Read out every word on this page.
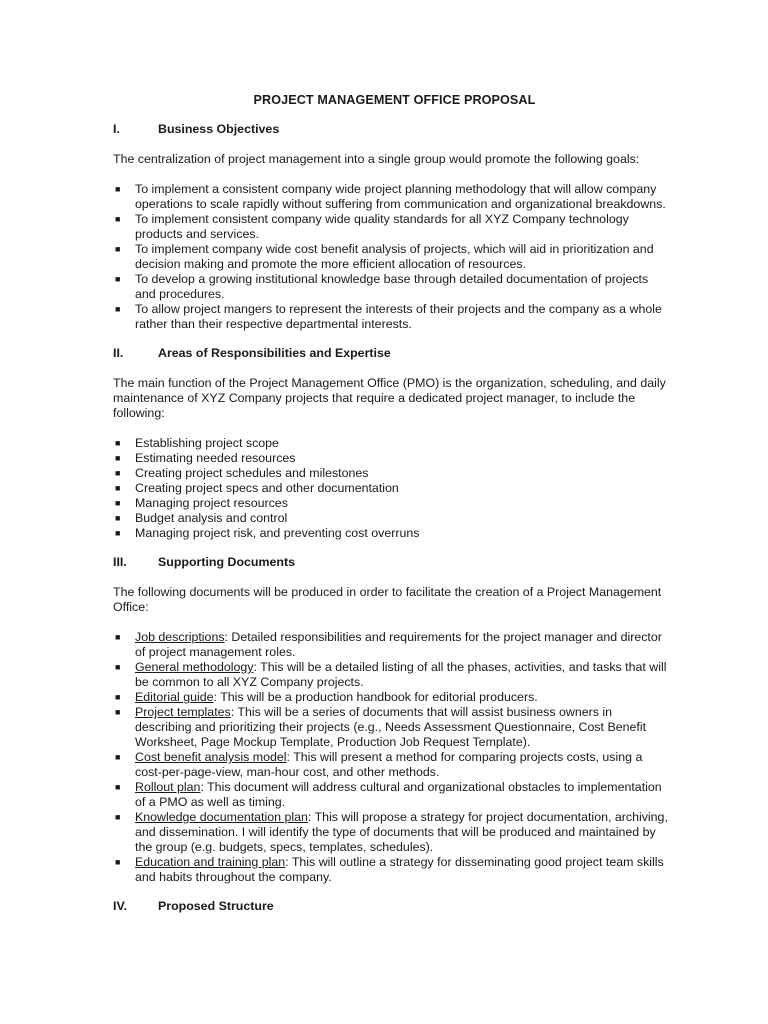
PROJECT MANAGEMENT OFFICE PROPOSAL
I.	Business Objectives

The centralization of project management into a single group would promote the following goals:

■ To implement a consistent company wide project planning methodology that will allow company operations to scale rapidly without suffering from communication and organizational breakdowns.
■ To implement consistent company wide quality standards for all XYZ Company technology products and services.
■ To implement company wide cost benefit analysis of projects, which will aid in prioritization and decision making and promote the more efficient allocation of resources.
■ To develop a growing institutional knowledge base through detailed documentation of projects and procedures.
■ To allow project mangers to represent the interests of their projects and the company as a whole rather than their respective departmental interests.
II.	Areas of Responsibilities and Expertise

The main function of the Project Management Office (PMO) is the organization, scheduling, and daily maintenance of XYZ Company projects that require a dedicated project manager, to include the following:

■ Establishing project scope
■ Estimating needed resources
■ Creating project schedules and milestones
■ Creating project specs and other documentation
■ Managing project resources
■ Budget analysis and control
■ Managing project risk, and preventing cost overruns
III.	Supporting Documents

The following documents will be produced in order to facilitate the creation of a Project Management Office:

■ Job descriptions: Detailed responsibilities and requirements for the project manager and director of project management roles.
■ General methodology: This will be a detailed listing of all the phases, activities, and tasks that will be common to all XYZ Company projects.
■ Editorial guide: This will be a production handbook for editorial producers.
■ Project templates: This will be a series of documents that will assist business owners in describing and prioritizing their projects (e.g., Needs Assessment Questionnaire, Cost Benefit Worksheet, Page Mockup Template, Production Job Request Template).
■ Cost benefit analysis model: This will present a method for comparing projects costs, using a cost-per-page-view, man-hour cost, and other methods.
■ Rollout plan: This document will address cultural and organizational obstacles to implementation of a PMO as well as timing.
■ Knowledge documentation plan: This will propose a strategy for project documentation, archiving, and dissemination. I will identify the type of documents that will be produced and maintained by the group (e.g. budgets, specs, templates, schedules).
■ Education and training plan: This will outline a strategy for disseminating good project team skills and habits throughout the company.
IV.	Proposed Structure
